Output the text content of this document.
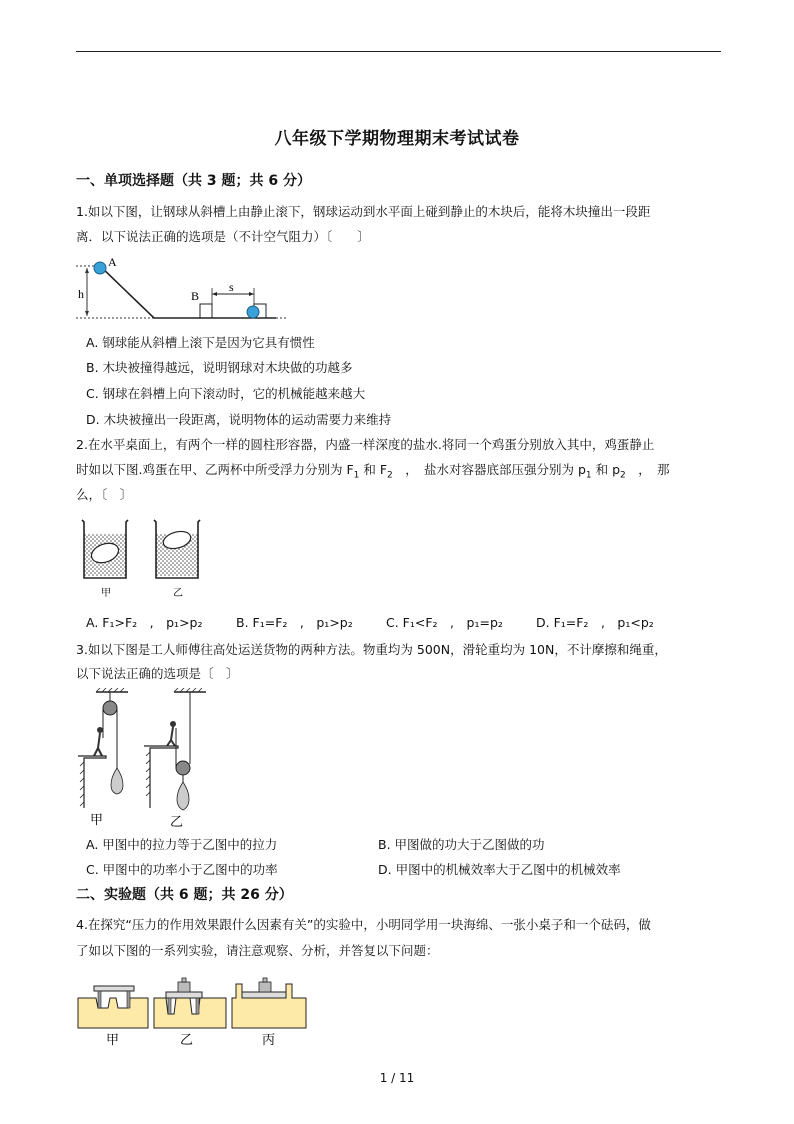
八年级下学期物理期末考试试卷
一、单项选择题（共 3 题；共 6 分）
1.如以下图，让钢球从斜槽上由静止滚下，钢球运动到水平面上碰到静止的木块后，能将木块撞出一段距
离．以下说法正确的选项是（不计空气阻力）〔　　〕
A
h	B
s
A. 钢球能从斜槽上滚下是因为它具有惯性
B. 木块被撞得越远，说明钢球对木块做的功越多
C. 钢球在斜槽上向下滚动时，它的机械能越来越大
D. 木块被撞出一段距离，说明物体的运动需要力来维持
2.在水平桌面上，有两个一样的圆柱形容器，内盛一样深度的盐水.将同一个鸡蛋分别放入其中，鸡蛋静止
时如以下图.鸡蛋在甲、乙两杯中所受浮力分别为 $F_1$ 和 $F_2$　，　盐水对容器底部压强分别为 $p_1$ 和 $p_2$　，　那
么，〔　〕
甲	乙
A. F₁>F₂　,　p₁>p₂	B. F₁=F₂　,　p₁>p₂	C. F₁<F₂　,　p₁=p₂	D. F₁=F₂　,　p₁<p₂
3.如以下图是工人师傅往高处运送货物的两种方法。物重均为 500N，滑轮重均为 10N，不计摩擦和绳重，
以下说法正确的选项是〔　〕
甲	乙
A. 甲图中的拉力等于乙图中的拉力	B. 甲图做的功大于乙图做的功
C. 甲图中的功率小于乙图中的功率	D. 甲图中的机械效率大于乙图中的机械效率
二、实验题（共 6 题；共 26 分）
4.在探究“压力的作用效果跟什么因素有关”的实验中，小明同学用一块海绵、一张小桌子和一个砝码，做
了如以下图的一系列实验，请注意观察、分析，并答复以下问题：
甲	乙	丙
1 / 11
